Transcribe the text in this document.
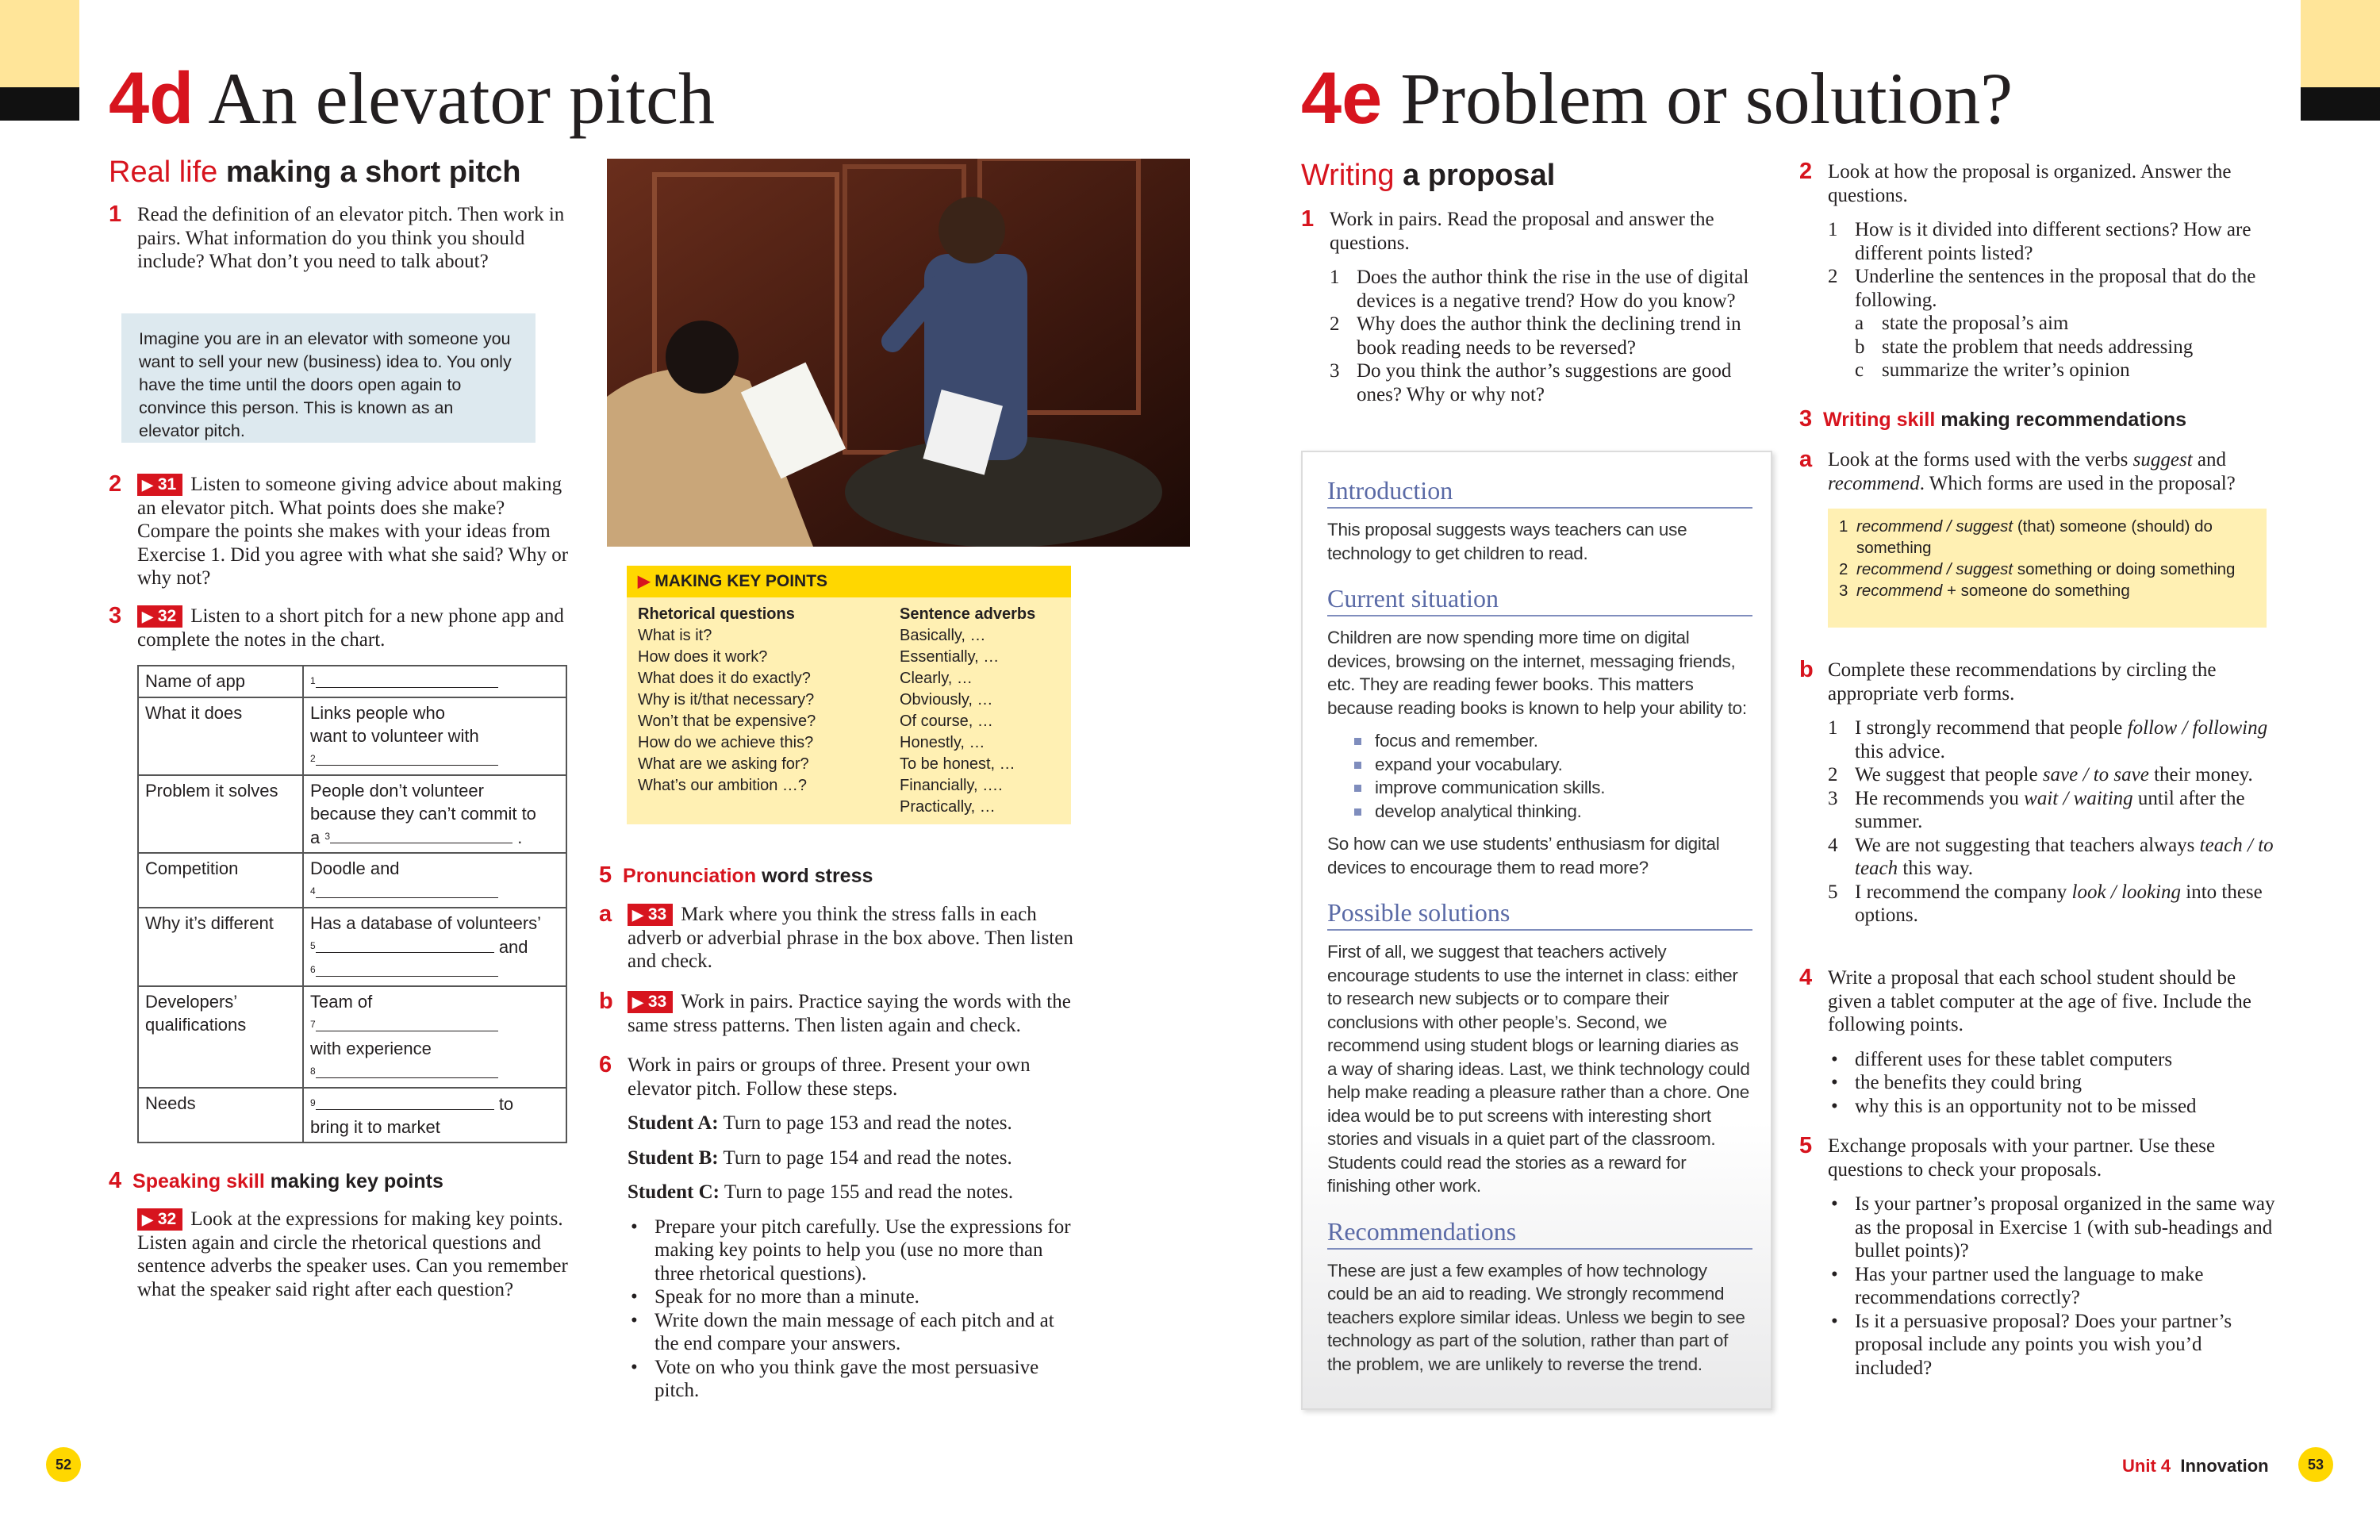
4d An elevator pitch
Real life making a short pitch
1 Read the definition of an elevator pitch. Then work in pairs. What information do you think you should include? What don’t you need to talk about?
Imagine you are in an elevator with someone you want to sell your new (business) idea to. You only have the time until the doors open again to convince this person. This is known as an elevator pitch.
2	▶ 31 Listen to someone giving advice about making an elevator pitch. What points does she make? Compare the points she makes with your ideas from Exercise 1. Did you agree with what she said? Why or why not?
3	▶ 32 Listen to a short pitch for a new phone app and complete the notes in the chart.
Name of app	$^1$
What it does	Links people who
want to volunteer with
$^2$

Problem it solves	People don’t volunteer
because they can’t commit to
a $^3$ .

Competition	Doodle and
$^4$

Why it’s different	Has a database of volunteers’
$^5$ and
$^6$

Developers’ qualifications	Team of
$^7$
with experience
$^8$

Needs	$^9$ to
bring it to market
4 Speaking skill making key points
▶ 32 Look at the expressions for making key points. Listen again and circle the rhetorical questions and sentence adverbs the speaker uses. Can you remember what the speaker said right after each question?
▶ MAKING KEY POINTS
Rhetorical questions
What is it?
How does it work?
What does it do exactly?
Why is it/that necessary?
Won’t that be expensive?
How do we achieve this?
What are we asking for?
What’s our ambition …?
Sentence adverbs
Basically, …
Essentially, …
Clearly, …
Obviously, …
Of course, …
Honestly, …
To be honest, …
Financially, ….
Practically, …
5 Pronunciation word stress
a	▶ 33 Mark where you think the stress falls in each adverb or adverbial phrase in the box above. Then listen and check.
b	▶ 33 Work in pairs. Practice saying the words with the same stress patterns. Then listen again and check.
6 Work in pairs or groups of three. Present your own elevator pitch. Follow these steps.
Student A: Turn to page 153 and read the notes.
Student B: Turn to page 154 and read the notes.
Student C: Turn to page 155 and read the notes.
• Prepare your pitch carefully. Use the expressions for making key points to help you (use no more than three rhetorical questions).
• Speak for no more than a minute.
• Write down the main message of each pitch and at the end compare your answers.
• Vote on who you think gave the most persuasive pitch.
52
4e Problem or solution?
Writing a proposal
1 Work in pairs. Read the proposal and answer the questions.
1 Does the author think the rise in the use of digital devices is a negative trend? How do you know?
2 Why does the author think the declining trend in book reading needs to be reversed?
3 Do you think the author’s suggestions are good ones? Why or why not?
Introduction
This proposal suggests ways teachers can use technology to get children to read.
Current situation
Children are now spending more time on digital devices, browsing on the internet, messaging friends, etc. They are reading fewer books. This matters because reading books is known to help your ability to:
focus and remember.
expand your vocabulary.
improve communication skills.
develop analytical thinking.
So how can we use students’ enthusiasm for digital devices to encourage them to read more?
Possible solutions
First of all, we suggest that teachers actively encourage students to use the internet in class: either to research new subjects or to compare their conclusions with other people’s. Second, we recommend using student blogs or learning diaries as a way of sharing ideas. Last, we think technology could help make reading a pleasure rather than a chore. One idea would be to put screens with interesting short stories and visuals in a quiet part of the classroom. Students could read the stories as a reward for finishing other work.
Recommendations
These are just a few examples of how technology could be an aid to reading. We strongly recommend teachers explore similar ideas. Unless we begin to see technology as part of the solution, rather than part of the problem, we are unlikely to reverse the trend.
2 Look at how the proposal is organized. Answer the questions.
1 How is it divided into different sections? How are different points listed?
2 Underline the sentences in the proposal that do the following.
a state the proposal’s aim
b state the problem that needs addressing
c summarize the writer’s opinion
3 Writing skill making recommendations
a Look at the forms used with the verbs suggest and recommend. Which forms are used in the proposal?
1 recommend / suggest (that) someone (should) do something
2 recommend / suggest something or doing something
3 recommend + someone do something
b Complete these recommendations by circling the appropriate verb forms.
1 I strongly recommend that people follow / following this advice.
2 We suggest that people save / to save their money.
3 He recommends you wait / waiting until after the summer.
4 We are not suggesting that teachers always teach / to teach this way.
5 I recommend the company look / looking into these options.
4 Write a proposal that each school student should be given a tablet computer at the age of five. Include the following points.
• different uses for these tablet computers
• the benefits they could bring
• why this is an opportunity not to be missed
5 Exchange proposals with your partner. Use these questions to check your proposals.
• Is your partner’s proposal organized in the same way as the proposal in Exercise 1 (with sub-headings and bullet points)?
• Has your partner used the language to make recommendations correctly?
• Is it a persuasive proposal? Does your partner’s proposal include any points you wish you’d included?
Unit 4 Innovation	53
